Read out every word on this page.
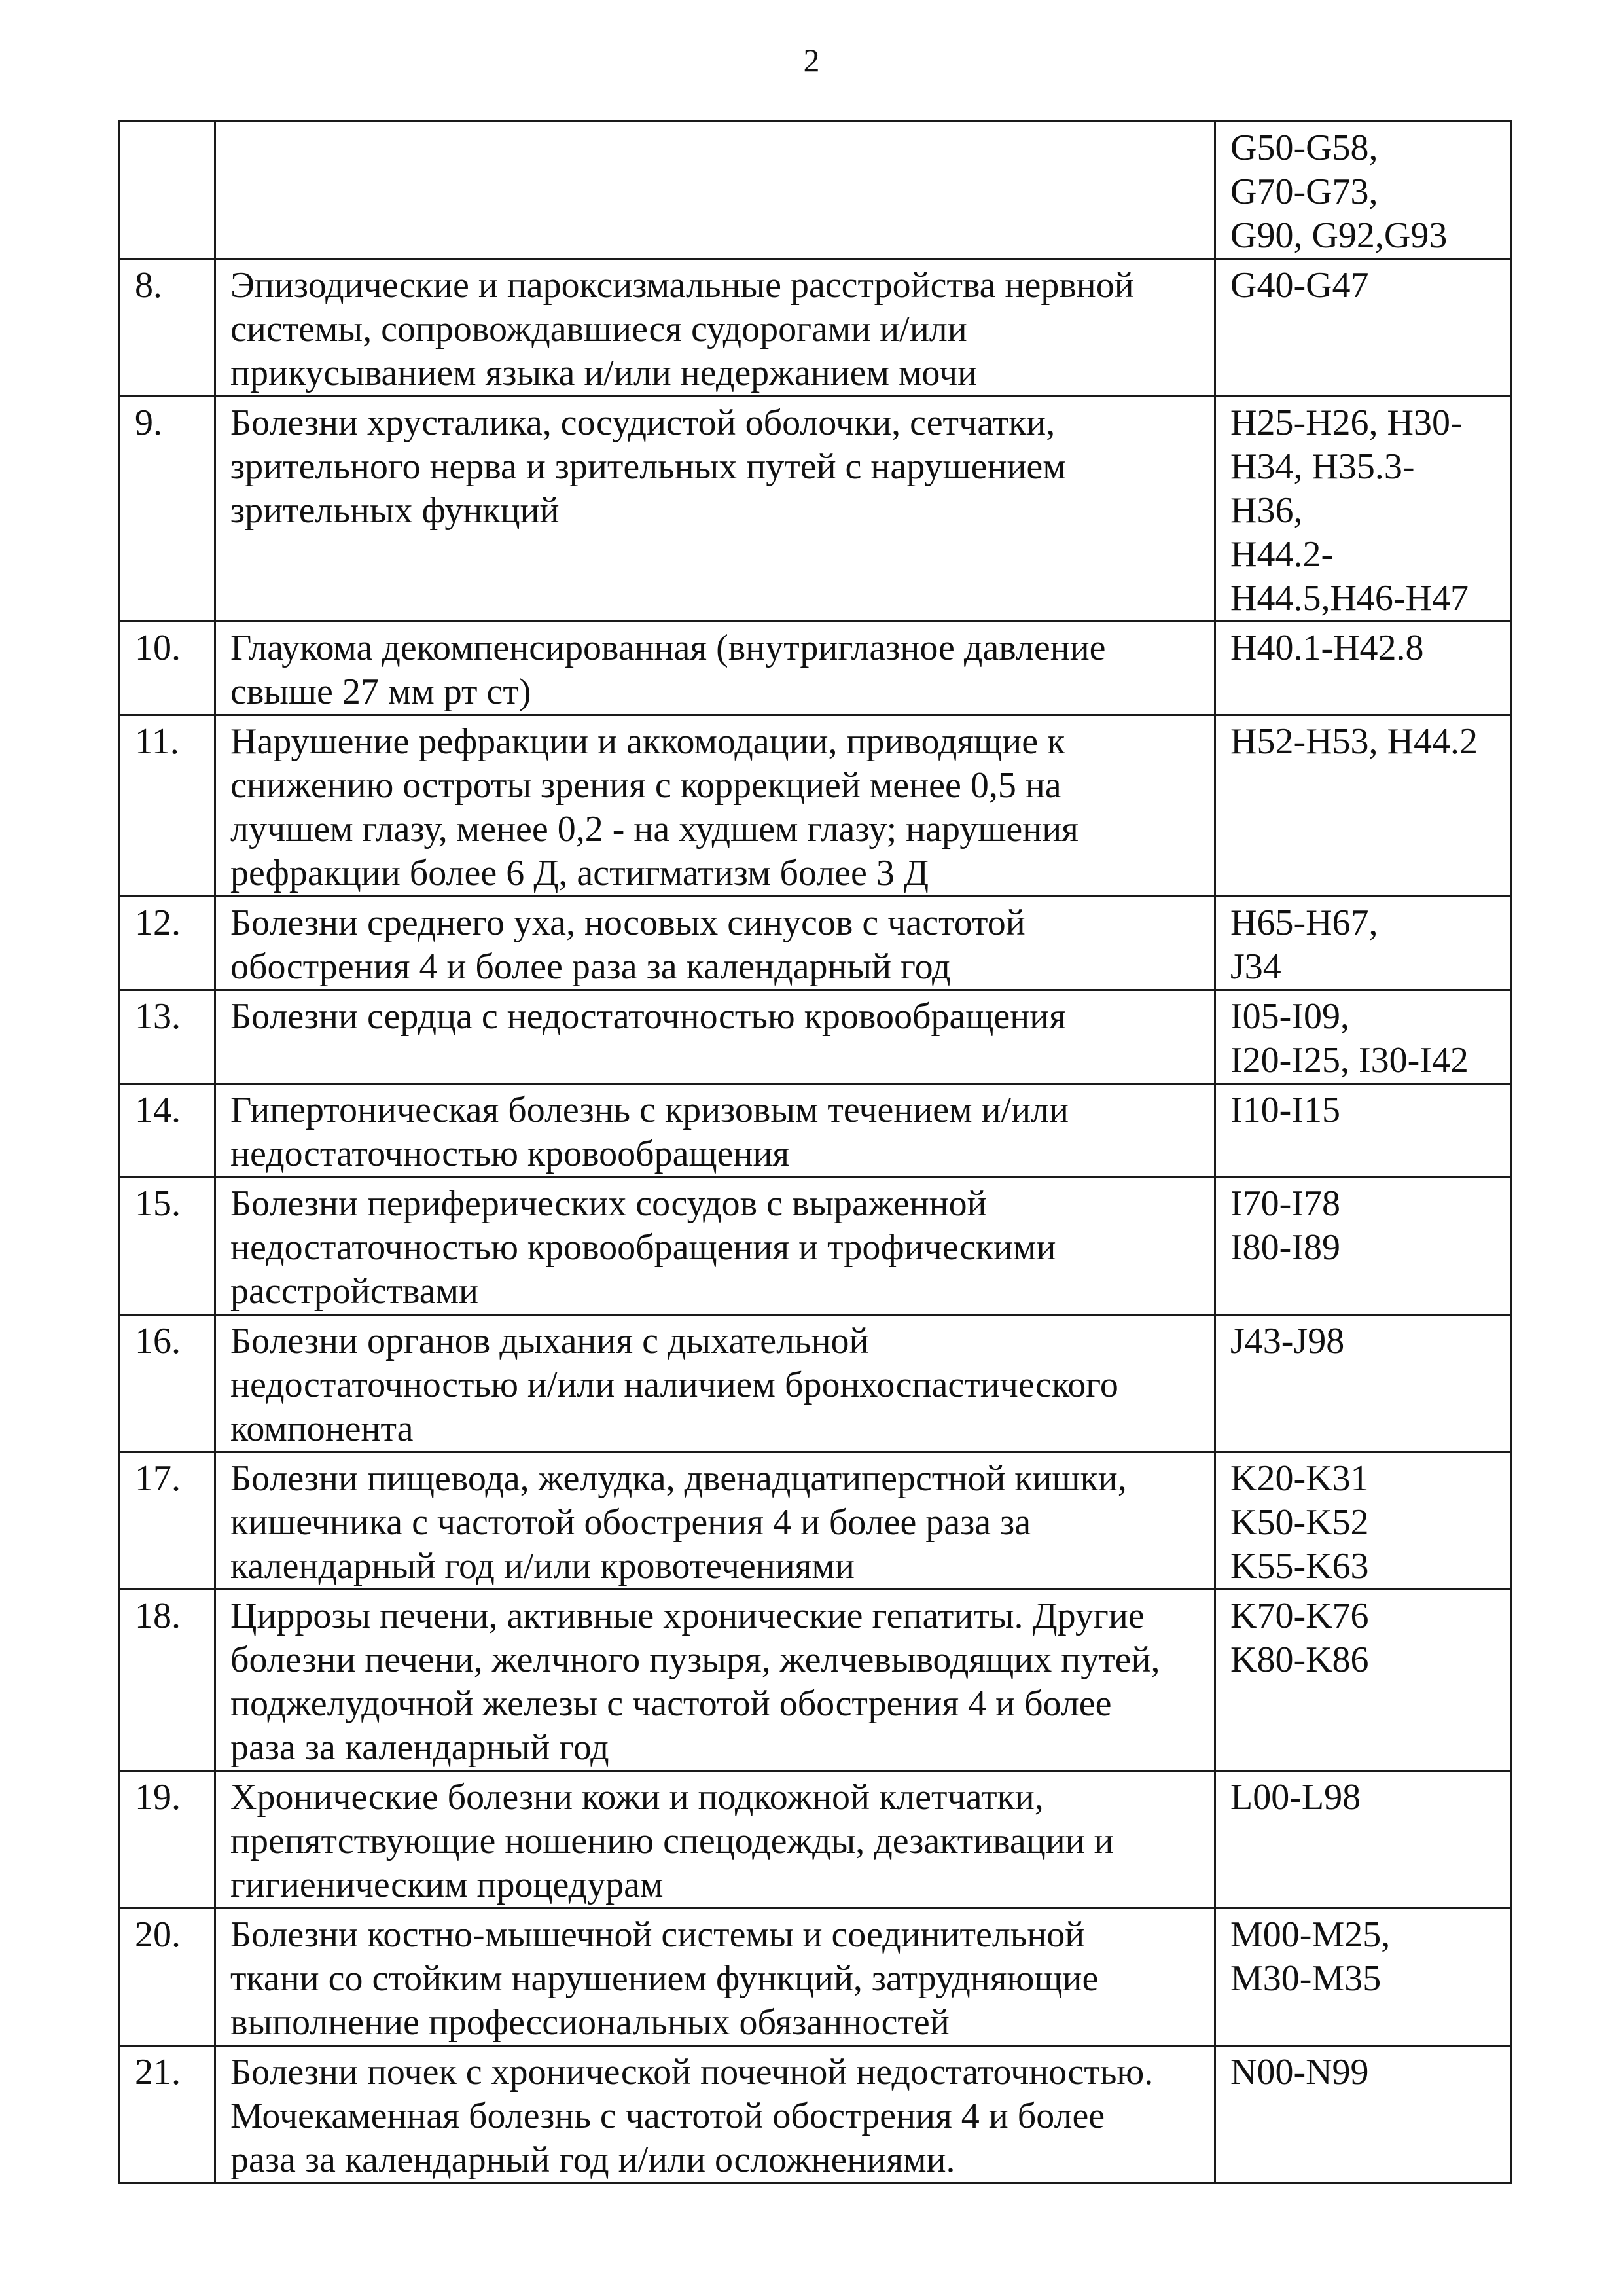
2

		G50-G58,
G70-G73,
G90, G92,G93

8.	Эпизодические и пароксизмальные расстройства нервной
системы, сопровождавшиеся судорогами и/или
прикусыванием языка и/или недержанием мочи	G40-G47

9.	Болезни хрусталика, сосудистой оболочки, сетчатки,
зрительного нерва и зрительных путей с нарушением
зрительных функций	H25-H26, H30-
H34, H35.3-
H36,
H44.2-
H44.5,H46-H47

10.	Глаукома декомпенсированная (внутриглазное давление
свыше 27 мм рт ст)	H40.1-H42.8

11.	Нарушение рефракции и аккомодации, приводящие к
снижению остроты зрения с коррекцией менее 0,5 на
лучшем глазу, менее 0,2 - на худшем глазу; нарушения
рефракции более 6 Д, астигматизм более 3 Д	H52-H53, H44.2

12.	Болезни среднего уха, носовых синусов с частотой
обострения 4 и более раза за календарный год	H65-H67,
J34

13.	Болезни сердца с недостаточностью кровообращения	I05-I09,
I20-I25, I30-I42

14.	Гипертоническая болезнь с кризовым течением и/или
недостаточностью кровообращения	I10-I15

15.	Болезни периферических сосудов с выраженной
недостаточностью кровообращения и трофическими
расстройствами	I70-I78
I80-I89

16.	Болезни органов дыхания с дыхательной
недостаточностью и/или наличием бронхоспастического
компонента	J43-J98

17.	Болезни пищевода, желудка, двенадцатиперстной кишки,
кишечника с частотой обострения 4 и более раза за
календарный год и/или кровотечениями	K20-K31
K50-K52
K55-K63

18.	Циррозы печени, активные хронические гепатиты. Другие
болезни печени, желчного пузыря, желчевыводящих путей,
поджелудочной железы с частотой обострения 4 и более
раза за календарный год	K70-K76
K80-K86

19.	Хронические болезни кожи и подкожной клетчатки,
препятствующие ношению спецодежды, дезактивации и
гигиеническим процедурам	L00-L98

20.	Болезни костно-мышечной системы и соединительной
ткани со стойким нарушением функций, затрудняющие
выполнение профессиональных обязанностей	M00-M25,
M30-M35

21.	Болезни почек с хронической почечной недостаточностью.
Мочекаменная болезнь с частотой обострения 4 и более
раза за календарный год и/или осложнениями.	N00-N99
